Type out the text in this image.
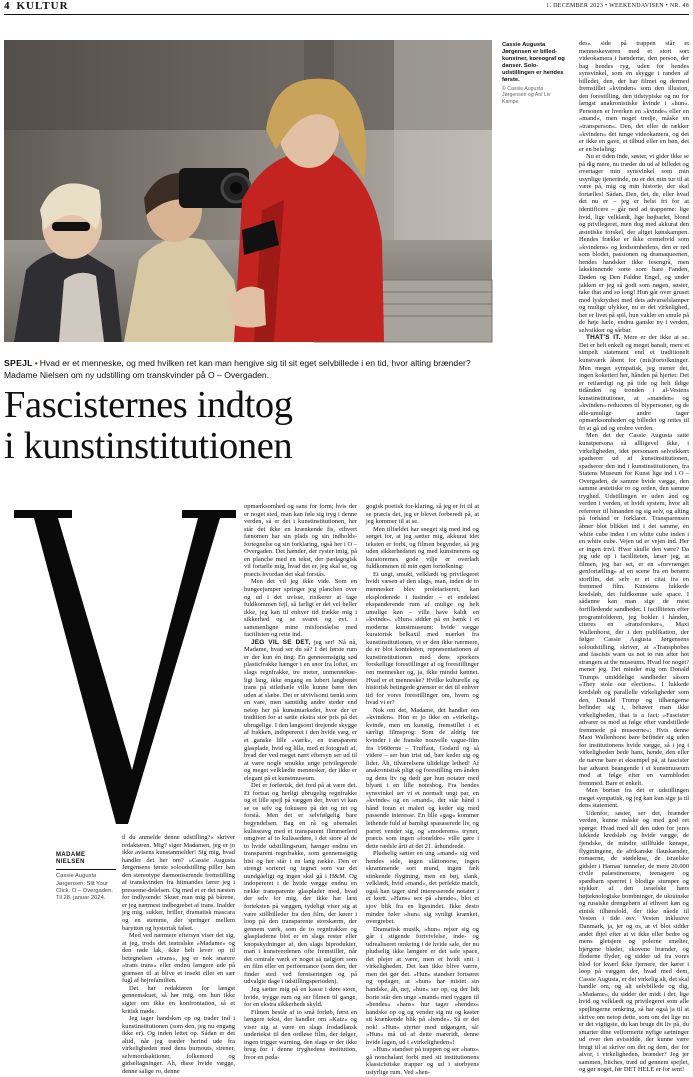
4 KULTUR	1. DECEMBER 2023 • WEEKENDAVISEN • NR. 48
Cassie Augusta Jørgensen er billed-kunstner, koreograf og danser. Solo-udstillingen er hendes første.
© Cassie Augusta Jørgensen og Ani Liv Kampe
SPEJL • Hvad er et menneske, og med hvilken ret kan man hengive sig til sit eget selvbillede i en tid, hvor alting brænder? Madame Nielsen om ny udstilling om transkvinder på O – Overgaden.
Fascisternes indtog
i kunstinstitutionen
MADAME NIELSEN
Cassie Augusta Jørgensen: Slit Your Click. O – Overgaden. Til 28. januar 2024.

il du anmelde denne udstilling?« skriver redaktøren. Mig? siger Madamen, jeg er jo ikke avisens kunstanmelder! Sig mig, hvad handler det her om? »Cassie Augusta Jørgensens første soloudstilling piller ban den stereotype dæmoniserende fremstilling af transkvinden fra hitmandes lærer jeg i presseme-delelsen. Og med et er det næsten for indlysende: Skuer man mig på bårene, er jeg nærmest indbegrebet af trans. Inalder jeg mig, sukker, briller, dramatisk mascara og en stemme, der springer mellem barytton og hysterisk falset.

Med ved nærmere eftersyn viser det sig, at jeg, trods det teatralske »Madame« og den røde lak, ikke helt lever op til betegnelsen »trans«, jeg er nok snarere »trans trans« eller endnu længere ude på grænsen til at blive et insekt eller en sær fugl af hejrefamilien.

Det har redaktøren for længst gennemskuet, så hør mig, om hun ikke sigter om ikke en konfrontation, så et kritisk møde.

Jeg tager handsken op og trader ind i kunstinstitutionen (som den, jeg nu engang ikke er). Og inden lettet op. Sådan er det altid, når jeg træder herind ude fra virkeligheden med dens burnouts, sirener, selvmordsaktioner, folkemord og gidseltagninger. Ah, disse hvide vægge, denne salige ro, denne

opmærksomhed og sans for form; hvis der er noget sted, man kan føle sig tryg i denne verden, så er det i kunstinstitutionen, her står det ikke en krænkende fis, ethvert fænomen har sin plads og sin indholds-fortegnelse og sin forklaring, også her i O – Overgaden. Det hænder, der ryster imig, på en planche med en tekst, der pædagogisk vil fortælle mig, hvad det er, jeg skal se, og præcis hvordan det skal forstås.

Men det vil jeg ikke vide. Som en bungeejumper springer jeg planchen over og ud i det uvisse, risikerer at tage fuldkommen fejl, så farligt er det vel heller ikke, jeg kan til enhver tid trække mig i sikkerhed og se svaret og evt. i sammenligne mine misforståelse med facitlisten og rette ind.

JEG VIL SE DET, jeg ser! Nå nå, Madame, hvad ser du så? I det første rum er der kun én ting: En genneemsigtig sød plasticfrakke hænger i en snor fra loftet, en slags regnfrakke, tre meter, unmennekse-ligt lang, ikke engang en lubert langbenet trans på stilethæle ville kunne bære den uden at slæbe. Det er utvivlsomt tænkt som en vare, men samtidig andre steder end netop her på kunstmarkedet, hvor der er tradition for at sætte ekstra stor pris på det ubrugelige. I den langsomt drejende skygge af frakken, indopereret i den hvide væg, er et ganske lille »værk«, en transparent glasplade, hvid og lilla, med et fotografi af, hvad der ved meget nært eftersyn ser ud til at være nogle smukke unge privilegerede og meget velklædte mennesker, der ikke er elegant på et kunstmuseum.

Det er forførisk, det fred på at være det. Et fortsat og herligt ubrugelig regnfrakke og et lille spejl på væggen der, hvori vi kan se os selv og fokusere på det og ret og forstå. Men det er selvfølgelig bare begyndelsen. Bag en rå og ubemalet kulisseavg med et transparent flimmerlerd omgiver af to kulissedøre, i det store af de to hvide udstillingsrum, hænger endnu en transparent regnfrakke, som gennemsigtig hist og her står i en lang række. Den er strengt sorteret og tegnet som var det uundgåeligt og ingen skal gå i H&M. Og indopereret i de hvide vægge endnu en række transparente glasplader med, hvad der selv for mig, der ikke har læst forteksten på væggen, tydeligt viser sig at være stillbilleder fra den film, der kører i loop på den transparente storskærm, der gennem værk, som de to regnfrakker og glaspladerne blot er en slags rester eller knopskydninger af, den slags biprodukter, man i kunstverdenen ofte fremstiller, når det centrale værk er noget så uafgjort som en film eller en performance (som den, der finder sted ved ferniseringen og på udvalgte dage i udstillingsperioden).

Jeg sætter mig på en kasse i døre store, hvide, trygge rum og ser filmen til gange, for en ekstra sikkerheds skyld.

Filmen består af to små forløb, først en længere tekst, der handler om »Katz« og viser sig at være en slags frodadlansk undertekst til den ordløse film, der følger, ingen trigger warning, den slags er der ikke brug for i denne tryghedens institution, hvor en peda-

gogisk poetisk for-klaring, så jeg er fri til at se præcis det, jeg er blevet forberedt på, at jeg kommer til at se.

Men tilfældet har sneget sig med ind og sørget for, at jeg sætter mig, akkurat idet teksten er forbi, og filmen begynder, så jeg uden sikkerhedsnet og med kunstnerens og kuratorernes gode vilje er overladt fuldkommen til min egen fortolkning:

Et ungt, smukt, velklædt og privilegeret hvidt væsen af den slags, man, inden de to mennesker blev proletariseret, kan eksploderede i tusinder – et endeløst ekspanderende rum af mulige og helt umulige køn – ville have kaldt en »kvinde«. »Hun« sidder på en bænk i et moderne kunstmuseum: hvide vægge kuratorisk belkaxil med mærket fra kunstinstitutionen, vi er den ikke nærmere, de er blot konteksten, repræsentationen af kunstinstitutionen med dens sporkers forskellige forestillinger af og forestillinger om mennesker og, ja, ikke mindst kønnet. Hvad er et menneske? Hvilke kulturelle og historisk betingede grænser er det til enhver tid for vores forestillinger om, hvem og hvad vi er?

Nok om det, Madame, det handler om »kvinden«. Hun er jo ikke en »virkelig« kvinde, men en kunstig, fremstillet i et særligt filmsprog: Som de aldrig før kvinder i de franske nouvelle vague-film fra 1960erne – Truffaut, Godard og så videre – ser hun trist ud, bær keder sig og lider. Åh, tilværelsens ulidelige lethed! Af anakronistisk pligt og forestilling om ånden og dens liv og dødt gør hun notater med blyant i en lille notesbog. Fra hendes synsvinkel ser vi et normalt ungt par, en »kvinde« og en »mand«, der står hånd i hånd foran et maleri og keder sig med passende interesse. En lille »gag« kommer lethende fuld af barnligt spasaserede liv, og parret vender sig, og »moderens« tryner, præcis som ingen »forældre« ville gøre i dette rædsle årti af det 21. århundrede.

Pludselig sætter en ung »mand« sig ved hendes side, iøgen slåttonorse, ingen skrammende sort mund, ingen fælt stinkende flygtning, men en bøj, slank, velklædt, hvid »mand«, det perfekte match, også han tager sind interesserede notater i et kortt. »Hans« sex på »hende«, blot et sjov blik fra en ligesindet. Ikke desto mindre føler »hun« sig synligt krænket, overgrebet.

Dramatisk musik, »hun« rejser sig og går i stigende fortvivlelse, inde- og udrealiseret omkring i de hvide sale, der nu pludselig ikke længere er det safe space, det plejer at være, men et hvidt snit i virkeligheden. Det kan ikke blive værre, men det gør det. »Hun« standser fortsøret og opdager, at »hun« har mistet sin handske, åh, nej, »hun« ser op, og der lidt borte står den unge »mand« med tyggen til »hendes« »hans« hur tager »hendes« handske op og og vender sig nu og kaster sit krænkende blik på »hende«. Så er det nok! »Hun« styrter mod udgangen, så! »Hun« må ud af dette mareridt, denne hvide lagen, ud i »virkeligheden«!

»Hun« standser på trappen og ser »hans« gå nonchalant forbi med sit institutionens klassicistiske trapper og ud i storbyens ustyrlige rum. Ved »hen-

des« side på trappen står et menneskeværen med et stort sort videokamera i hænderne, den person, der bag hendes ryg, uden for hendes synsvinkel, som en skygge i randen af billedet, den, der har filmet og dermed fremstillet »kvinden« som den illusion, den forestilling, den tidstypiske og nu for længst anakronistiske kvinde i »hun«. Personen er hverken en »kvinde« eller en »mand«, men noget tredje, måske en »transperson«. Den, det eller de rækker »kvinden« det tunge videokamera, og det er ikke en gave, et tilbud eller en bøn, det er en befaling:

Nu er tiden inde, søster, vi gider ikke se på dig mere, nu træder du ud af billedet og overtager min synsvinkel som min usynlige tjenerinde, nu er det min tur til at være på, mig og min historie, der skal fortælles! Sådan. Den, det, de, eller hvad det nu er – jeg er helst fri for at identificere – går ned ad trapperne: lige hvid, lige velklædt, lige bøjbarlet, blond og privilegeret, men dog med akkurat den æstetiske forskel, der altget kønskampen. Hendes frække er ikke cremehvid som »kvindens« og kodsomhedens, den er rød som blodet, passionen og dramaqueenen, hendes handsker ikke fesengrå, men lakskinnende sorte som bare Fanden, Døden og Den Faldne Engel, og under jakken er jeg så godt som nøgen, søster, take that and so long! Hun går over gruset mod lyskrydset med dets advarselslamper og mulige ulykker, nu er det virkelighed, her er livet på spil, hun vakler en smule på de høje hæle, endnu ganske ny i verden, selvsikker og sårbar.

THAT'S IT. Mere er der ikke at se. Det er helt enkelt og meget banalt, mere et simpelt statement end et traditionelt kunstværk åbent for (mis)fortolkninger. Men meget sympatisk, jeg mener det, ingen koketteri her, hånden på hjertet: Det er retfærdigt og på tide og helt ildige tidånden og tronden i al-Vestens kunstinstitutioner, at »manden« og »kvinden« reduceres til biypersoner, og de alle-umulige andre tager opmærksomheden og billedet og rettes til fri at gå ud og erobre verden.

Men det der Cassie Augusta satte kunstpersona så allligevel ikke, i virkeligheden, idet personaen selvsikkert spadserer ud af kunstinstitutionen, spadserer den ind i kunstinstitutionen, fra Statens Museum for Kunst lige ind i O – Overgaden, de samme hvide vægge, den samme æstetiske ro og orden, den samme tryghed. Udstillingen er uden ånd og verden i verden, et hvidt system, hvor alt refererer til hinanden og sig selv, og alting på forhånd er forklaret. Transparensen åbner blot blikket ind i det samme, en white cube inden i en white cube inden i en white cube. Vejen ud er vejen ind. Her er ingen trivl. Hvor skulle den være? Da jeg ude op i facilliteten, læser jeg, at filmen, jeg har set, er en »forvrænget genfortælling« af en scene fra en berømt storfilm, det selv er et citat fra en fremmed film. Kunstens lukkede kredsløb, det fuldkomne safe space. I sådanne kan man sige de mest forfilledende sandheder. I facilliteten efter programfolderen, jeg bokler i hånden, citeres en »transforsker«, Maxi Wallenhorst, der i den publikation, der følger Cassie Augusta Jørgensens soloudstilling, skriver, at »Transphobes and fascists warn us not to run after hot strangers at the museums. Hvad for noget? mener jeg. Det minder mig om Donald Trumps umiddelige sandheder såsom »They stole our election«. I lukkede kredsløb og parallelle virkeligheder som den, Donald Trump og tilhængerne befinder sig i, behøver man ikke virkeligheden, that is a fact: »Fascister advarer os mod at følge efter vandstillede fremmede på museerne«: Hvis denne Maxi Wallenhorst bare befinder sig uden for institutionens hvide vægge, så i jeg i virkeligheden bede hans, hende, den eller de nævne bare et eksempel på, at fascister har advaret beangende i et kunstmuseum mod at følge efter en varmblodet fremmed. Bare et enkelt.

Men bortset fra det er udstillingen meget sympatisk, og jeg kan kun sige ja til dens statement.

Udenfor, søster, ser det, brænder verden, kunne måske og med god ret spørge: Hvad med all den uden for jeres lukkede kredsløb og hvide vægge, de fjendske, de mindre stillfulde kønspe, flygtningene, de afrikanske flauskænder, romaerne, de stødeløse, de israelske gidsler i Hamas' tunneler, de mere 20.000 civile palæstinensere, teenagere og spædbarn spærret i blodige stumper og stykker af den israelske hærs højteknologiske bombninger, de ukrainske og russiske drengebørn af ethvert køn og etnisk tilhørsfold, der ikke nåede til Vesten i tide osv. Vesten inklusive Danmark, ja, jer og os, at vi blot sidder andet ihjel efter at vi ikke eller bedre og mens gletsjere og polerne smelter, bjergene bløder, skovene brænder, og floderne flyder, og sidder ud fra vores blod for kværl ikke fjernere, der kører i loop på væggen der, hvad med dem, Cassie Augusta, er det virkelig alt, det skal handle om, og alt selvbillede og dig, »Madame«, du sidder der midt i det, lige hvid og velklædt og privilegeret som alle spejlingerne omkring, så har også ja til at skrive om netop dette, som om det lige nu er det vigtigste, du kan bruge dit liv på, du smarter dine velformerte nyfige sætninger ud over den avissidde, der kunne være brugt til at skrive om det og dem, der for alvor, i virkeligheden, brænder? Jeg jer sammen, bitches, træd ud gennem spejlet, og gør noget, før DET HELE er for sent!
